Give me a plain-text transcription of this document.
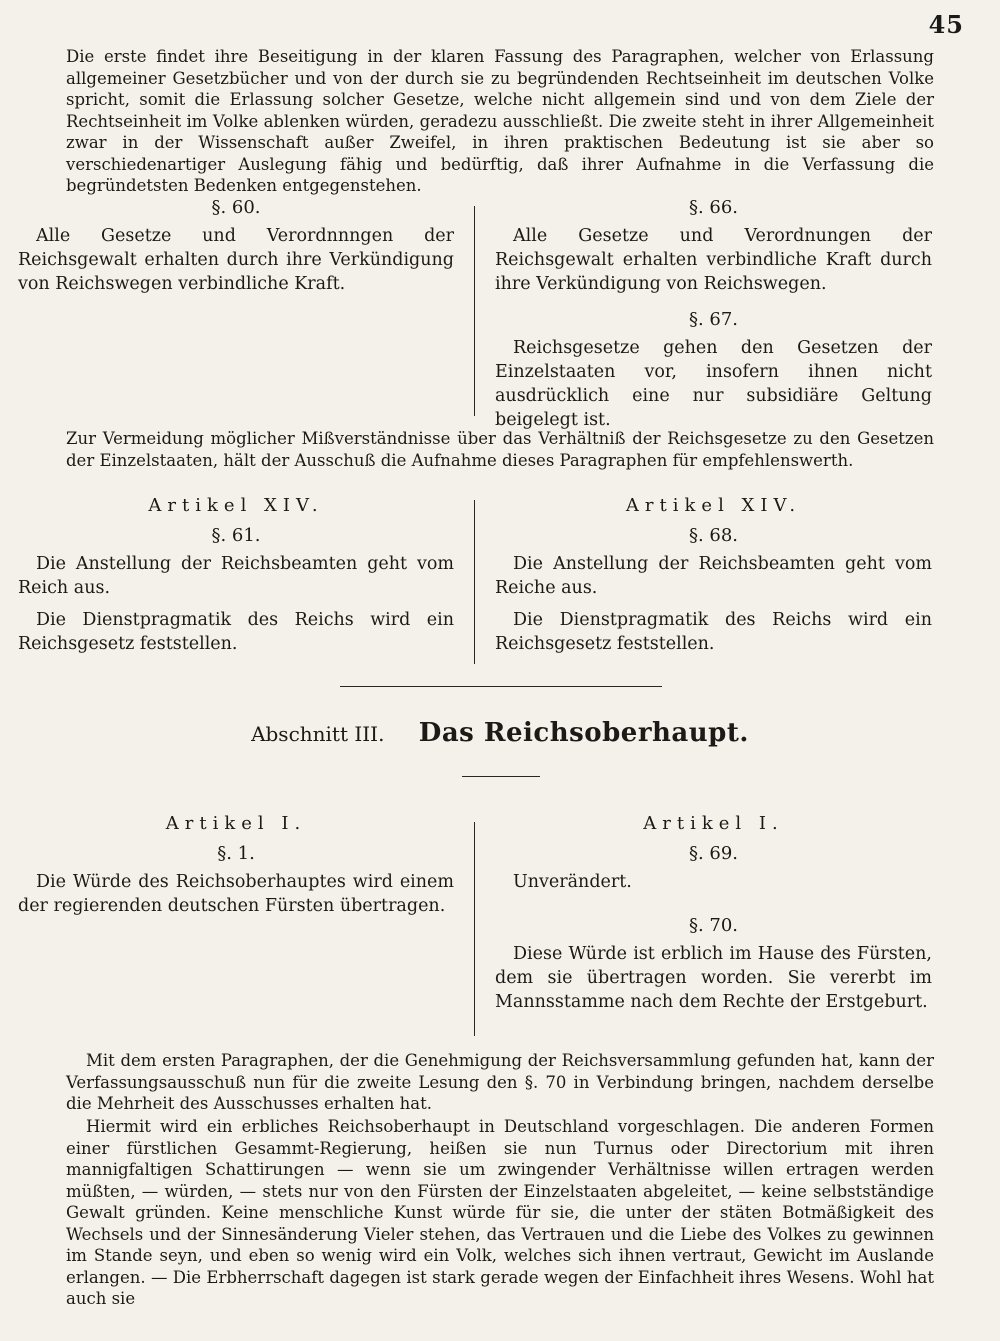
45

Die erste findet ihre Beseitigung in der klaren Fassung des Paragraphen, welcher von Erlassung allgemeiner Gesetzbücher und von der durch sie zu begründenden Rechtseinheit im deutschen Volke spricht, somit die Erlassung solcher Gesetze, welche nicht allgemein sind und von dem Ziele der Rechtseinheit im Volke ablenken würden, geradezu ausschließt. Die zweite steht in ihrer Allgemeinheit zwar in der Wissenschaft außer Zweifel, in ihren praktischen Bedeutung ist sie aber so verschiedenartiger Auslegung fähig und bedürftig, daß ihrer Aufnahme in die Verfassung die begründetsten Bedenken entgegenstehen.

§. 60.

Alle Gesetze und Verordnnngen der Reichsgewalt erhalten durch ihre Verkündigung von Reichswegen verbindliche Kraft.

§. 66.

Alle Gesetze und Verordnungen der Reichsgewalt erhalten verbindliche Kraft durch ihre Verkündigung von Reichswegen.

§. 67.

Reichsgesetze gehen den Gesetzen der Einzelstaaten vor, insofern ihnen nicht ausdrücklich eine nur subsidiäre Geltung beigelegt ist.

Zur Vermeidung möglicher Mißverständnisse über das Verhältniß der Reichsgesetze zu den Gesetzen der Einzelstaaten, hält der Ausschuß die Aufnahme dieses Paragraphen für empfehlenswerth.

Artikel XIV.

§. 61.

Die Anstellung der Reichsbeamten geht vom Reich aus.

Die Dienstpragmatik des Reichs wird ein Reichsgesetz feststellen.

Artikel XIV.

§. 68.

Die Anstellung der Reichsbeamten geht vom Reiche aus.

Die Dienstpragmatik des Reichs wird ein Reichsgesetz feststellen.

Abschnitt III. Das Reichsoberhaupt.

Artikel I.

§. 1.

Die Würde des Reichsoberhauptes wird einem der regierenden deutschen Fürsten übertragen.

Artikel I.

§. 69.

Unverändert.

§. 70.

Diese Würde ist erblich im Hause des Fürsten, dem sie übertragen worden. Sie vererbt im Mannsstamme nach dem Rechte der Erstgeburt.

Mit dem ersten Paragraphen, der die Genehmigung der Reichsversammlung gefunden hat, kann der Verfassungsausschuß nun für die zweite Lesung den §. 70 in Verbindung bringen, nachdem derselbe die Mehrheit des Ausschusses erhalten hat.

Hiermit wird ein erbliches Reichsoberhaupt in Deutschland vorgeschlagen. Die anderen Formen einer fürstlichen Gesammt-Regierung, heißen sie nun Turnus oder Directorium mit ihren mannigfaltigen Schattirungen — wenn sie um zwingender Verhältnisse willen ertragen werden müßten, — würden, — stets nur von den Fürsten der Einzelstaaten abgeleitet, — keine selbstständige Gewalt gründen. Keine menschliche Kunst würde für sie, die unter der stäten Botmäßigkeit des Wechsels und der Sinnesänderung Vieler stehen, das Vertrauen und die Liebe des Volkes zu gewinnen im Stande seyn, und eben so wenig wird ein Volk, welches sich ihnen vertraut, Gewicht im Auslande erlangen. — Die Erbherrschaft dagegen ist stark gerade wegen der Einfachheit ihres Wesens. Wohl hat auch sie
